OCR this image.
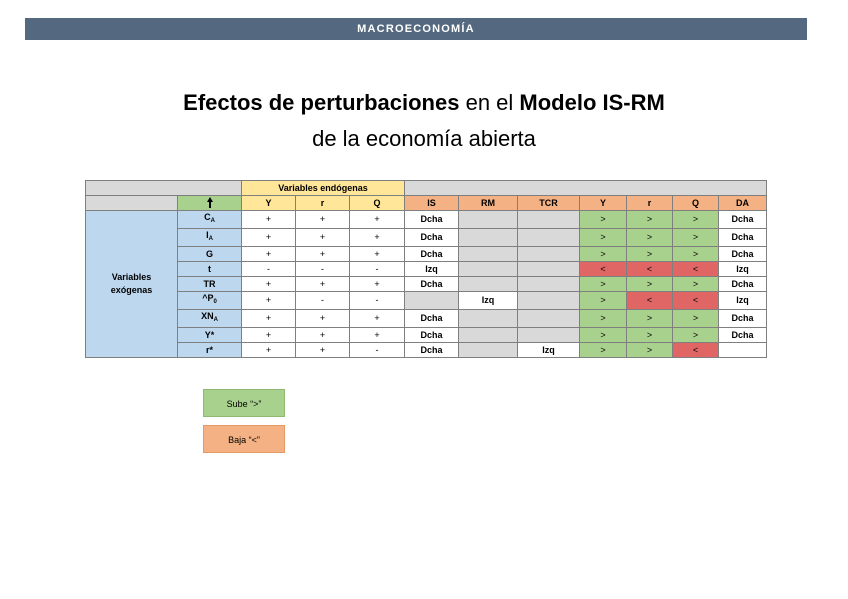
MACROECONOMÍA
Efectos de perturbaciones en el Modelo IS-RM
de la economía abierta
		Variables endógenas									
		Y	r	Q	IS	RM	TCR	Y	r	Q	DA

Variables
exógenas	$C_A$	+	+	+	Dcha			>	>	>	Dcha
	$I_A$	+	+	+	Dcha			>	>	>	Dcha
	G	+	+	+	Dcha			>	>	>	Dcha
	t	-	-	-	Izq			<	<	<	Izq
	TR	+	+	+	Dcha			>	>	>	Dcha
	$\^{}P_0$	+	-	-		Izq		>	<	<	Izq
	$XN_A$	+	+	+	Dcha			>	>	>	Dcha
	Y*	+	+	+	Dcha			>	>	>	Dcha
	r*	+	+	-	Dcha		Izq	>	>	<	
Sube “>”
Baja “<”
